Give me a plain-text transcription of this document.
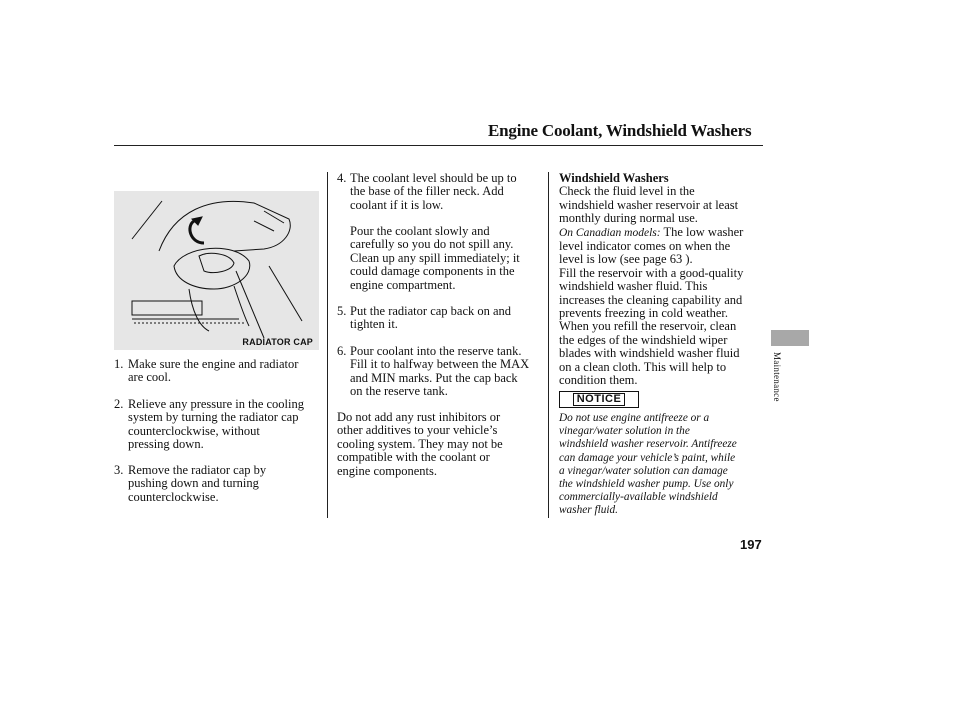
Engine Coolant, Windshield Washers
RADIATOR CAP
1. Make sure the engine and radiator
are cool.
2. Relieve any pressure in the cooling
system by turning the radiator cap
counterclockwise, without
pressing down.
3. Remove the radiator cap by
pushing down and turning
counterclockwise.
4. The coolant level should be up to
the base of the filler neck. Add
coolant if it is low.
Pour the coolant slowly and
carefully so you do not spill any.
Clean up any spill immediately; it
could damage components in the
engine compartment.
5. Put the radiator cap back on and
tighten it.
6. Pour coolant into the reserve tank.
Fill it to halfway between the MAX
and MIN marks. Put the cap back
on the reserve tank.
Do not add any rust inhibitors or
other additives to your vehicle’s
cooling system. They may not be
compatible with the coolant or
engine components.
Windshield Washers
Check the fluid level in the
windshield washer reservoir at least
monthly during normal use.
On Canadian models: The low washer
level indicator comes on when the
level is low (see page 63 ).
Fill the reservoir with a good-quality
windshield washer fluid. This
increases the cleaning capability and
prevents freezing in cold weather.
When you refill the reservoir, clean
the edges of the windshield wiper
blades with windshield washer fluid
on a clean cloth. This will help to
condition them.
NOTICE
Do not use engine antifreeze or a
vinegar/water solution in the
windshield washer reservoir. Antifreeze
can damage your vehicle’s paint, while
a vinegar/water solution can damage
the windshield washer pump. Use only
commercially-available windshield
washer fluid.
Maintenance
197
